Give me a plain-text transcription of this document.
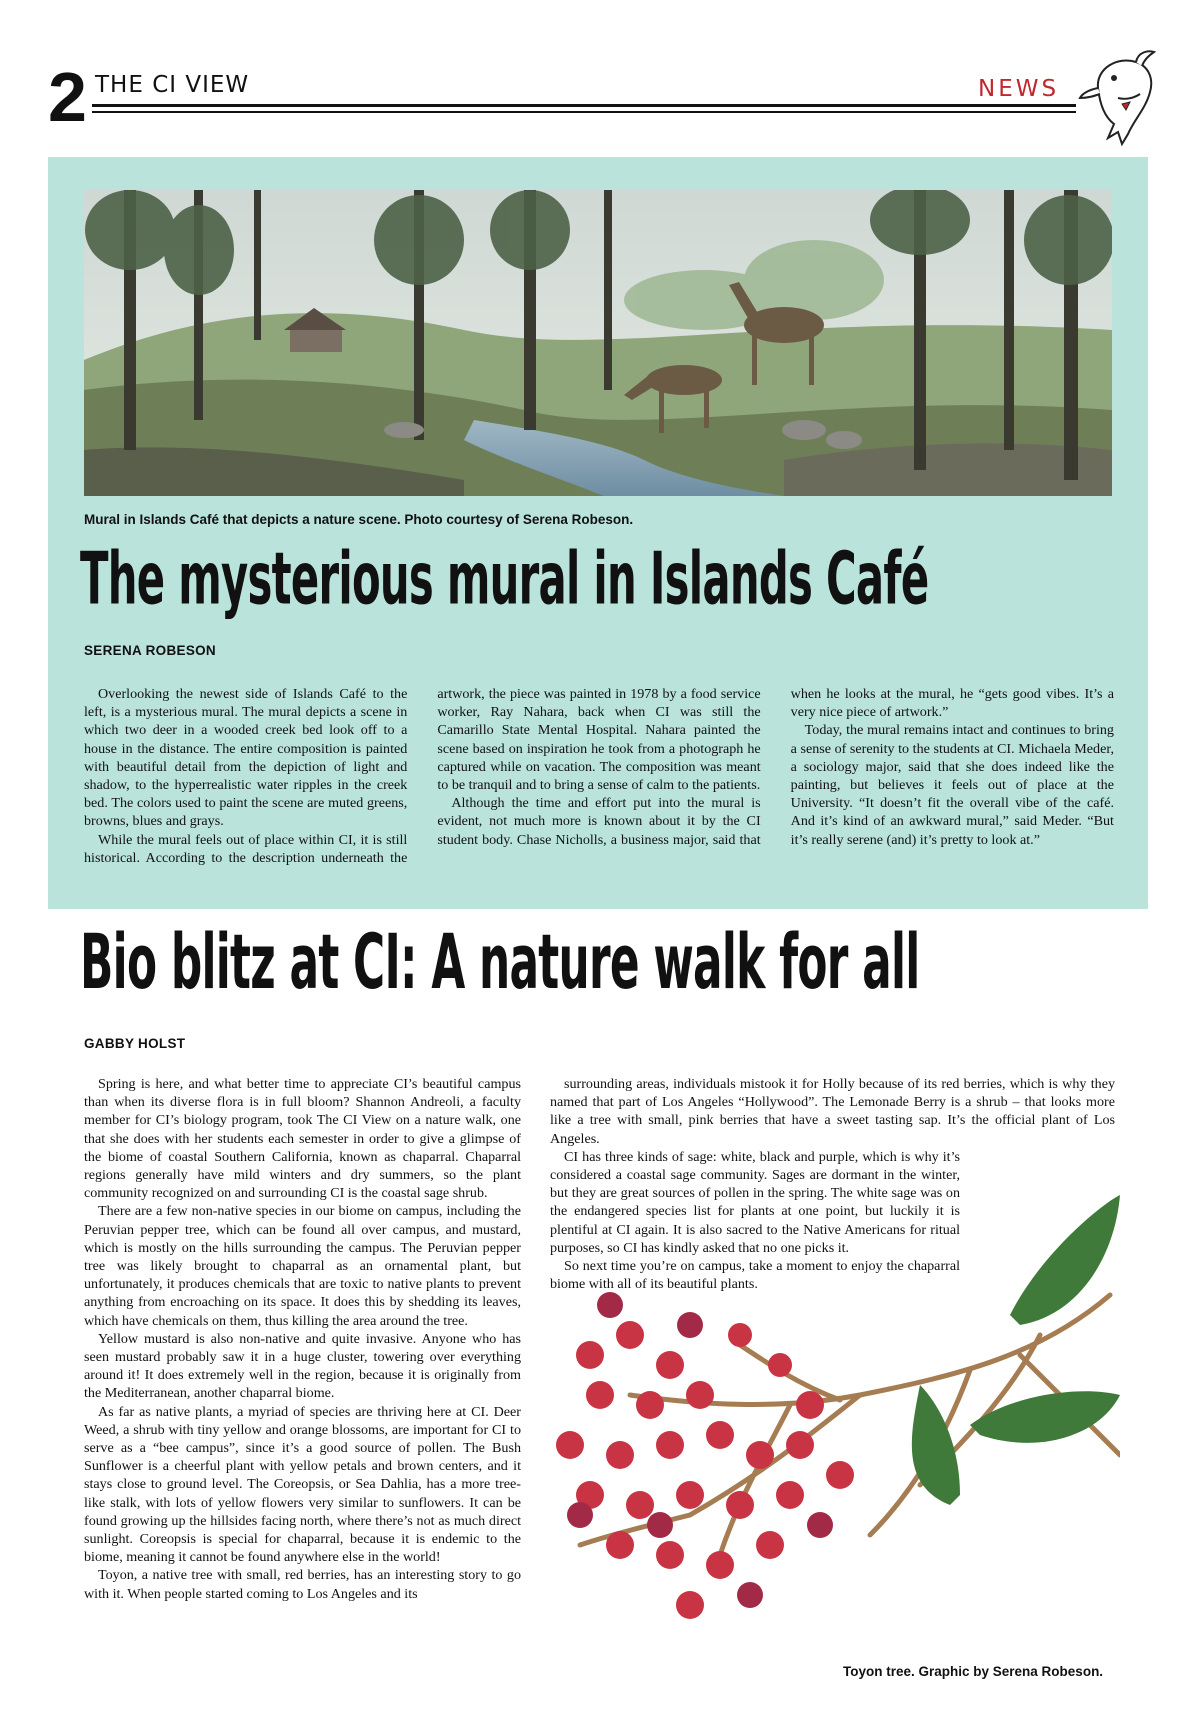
2 THE CI VIEW	NEWS
Mural in Islands Café that depicts a nature scene. Photo courtesy of Serena Robeson.
The mysterious mural in Islands Café
SERENA ROBESON

Overlooking the newest side of Islands Café to the left, is a mysterious mural. The mural depicts a scene in which two deer in a wooded creek bed look off to a house in the distance. The entire composition is painted with beautiful detail from the depiction of light and shadow, to the hyperrealistic water ripples in the creek bed. The colors used to paint the scene are muted greens, browns, blues and grays.

While the mural feels out of place within CI, it is still historical. According to the description underneath the artwork, the piece was painted in 1978 by a food service worker, Ray Nahara, back when CI was still the Camarillo State Mental Hospital. Nahara painted the scene based on inspiration he took from a photograph he captured while on vacation. The composition was meant to be tranquil and to bring a sense of calm to the patients.

Although the time and effort put into the mural is evident, not much more is known about it by the CI student body. Chase Nicholls, a business major, said that when he looks at the mural, he “gets good vibes. It’s a very nice piece of artwork.”

Today, the mural remains intact and continues to bring a sense of serenity to the students at CI. Michaela Meder, a sociology major, said that she does indeed like the painting, but believes it feels out of place at the University. “It doesn’t fit the overall vibe of the café. And it’s kind of an awkward mural,” said Meder. “But it’s really serene (and) it’s pretty to look at.”

Bio blitz at CI: A nature walk for all
GABBY HOLST

Spring is here, and what better time to appreciate CI’s beautiful campus than when its diverse flora is in full bloom? Shannon Andreoli, a faculty member for CI’s biology program, took The CI View on a nature walk, one that she does with her students each semester in order to give a glimpse of the biome of coastal Southern California, known as chaparral. Chaparral regions generally have mild winters and dry summers, so the plant community recognized on and surrounding CI is the coastal sage shrub.

There are a few non-native species in our biome on campus, including the Peruvian pepper tree, which can be found all over campus, and mustard, which is mostly on the hills surrounding the campus. The Peruvian pepper tree was likely brought to chaparral as an ornamental plant, but unfortunately, it produces chemicals that are toxic to native plants to prevent anything from encroaching on its space. It does this by shedding its leaves, which have chemicals on them, thus killing the area around the tree.

Yellow mustard is also non-native and quite invasive. Anyone who has seen mustard probably saw it in a huge cluster, towering over everything around it! It does extremely well in the region, because it is originally from the Mediterranean, another chaparral biome.

As far as native plants, a myriad of species are thriving here at CI. Deer Weed, a shrub with tiny yellow and orange blossoms, are important for CI to serve as a “bee campus”, since it’s a good source of pollen. The Bush Sunflower is a cheerful plant with yellow petals and brown centers, and it stays close to ground level. The Coreopsis, or Sea Dahlia, has a more tree-like stalk, with lots of yellow flowers very similar to sunflowers. It can be found growing up the hillsides facing north, where there’s not as much direct sunlight. Coreopsis is special for chaparral, because it is endemic to the biome, meaning it cannot be found anywhere else in the world!

Toyon, a native tree with small, red berries, has an interesting story to go with it. When people started coming to Los Angeles and its

surrounding areas, individuals mistook it for Holly because of its red berries, which is why they named that part of Los Angeles “Hollywood”. The Lemonade Berry is a shrub – that looks more like a tree with small, pink berries that have a sweet tasting sap. It’s the official plant of Los Angeles.

CI has three kinds of sage: white, black and purple, which is why it’s considered a coastal sage community. Sages are dormant in the winter, but they are great sources of pollen in the spring. The white sage was on the endangered species list for plants at one point, but luckily it is plentiful at CI again. It is also sacred to the Native Americans for ritual purposes, so CI has kindly asked that no one picks it.

So next time you’re on campus, take a moment to enjoy the chaparral biome with all of its beautiful plants.

Toyon tree. Graphic by Serena Robeson.
